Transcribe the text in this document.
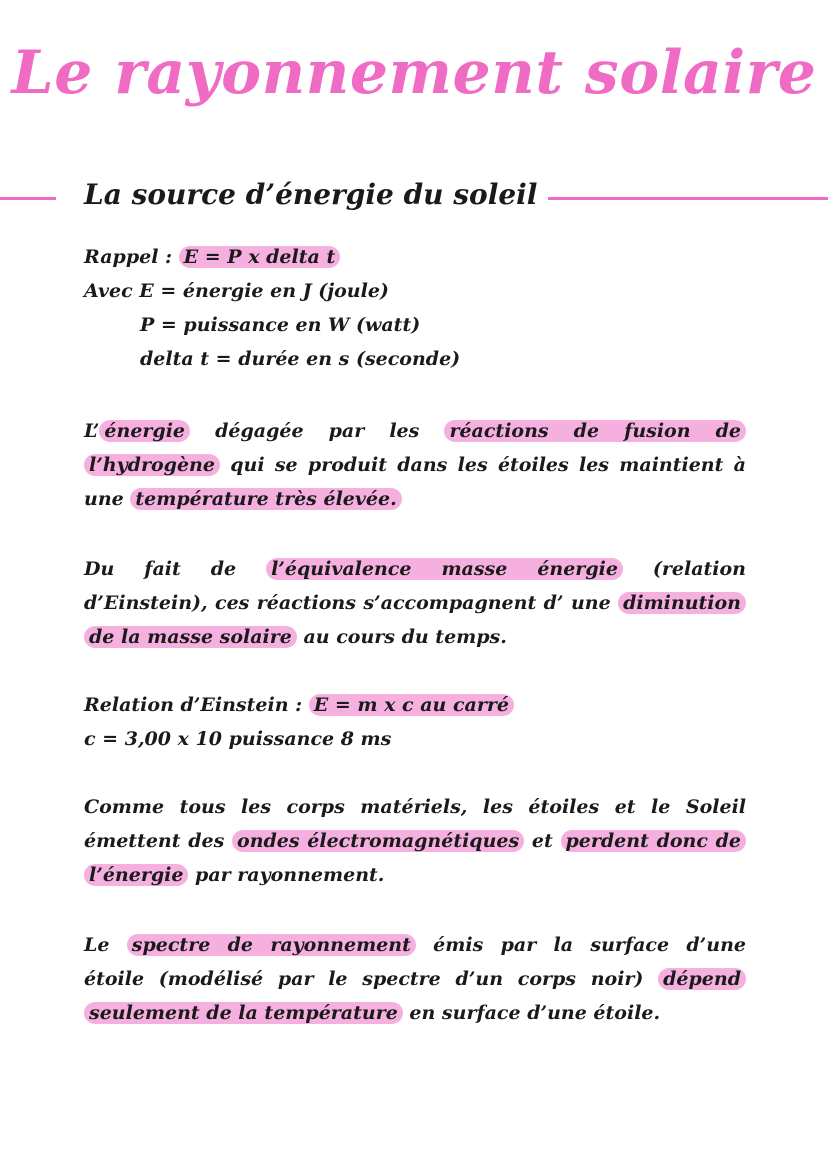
Le rayonnement solaire
La source d’énergie du soleil
Rappel : E = P x delta t
Avec E = énergie en J (joule)
P = puissance en W (watt)
delta t = durée en s (seconde)
L’ énergie dégagée par les réactions de fusion de
l’hydrogène qui se produit dans les étoiles les maintient à
une température très élevée.
Du fait de l’équivalence masse énergie (relation
d’Einstein), ces réactions s’accompagnent d’ une diminution
de la masse solaire au cours du temps.
Relation d’Einstein : E = m x c au carré
c = 3,00 x 10 puissance 8 ms
Comme tous les corps matériels, les étoiles et le Soleil
émettent des ondes électromagnétiques et perdent donc de
l’énergie par rayonnement.
Le spectre de rayonnement émis par la surface d’une
étoile (modélisé par le spectre d’un corps noir) dépend
seulement de la température en surface d’une étoile.
